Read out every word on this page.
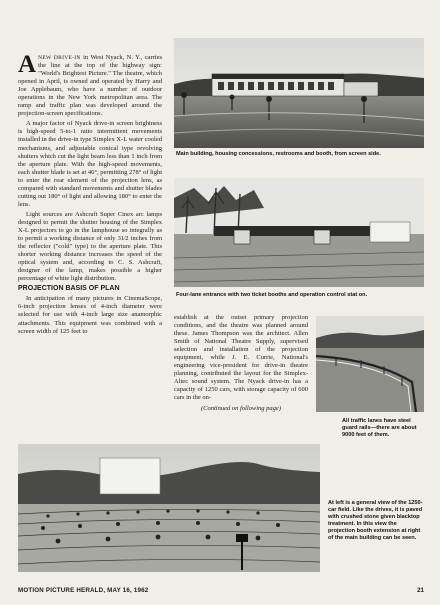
ANEW DRIVE-IN in West Nyack, N. Y., carries the line at the top of the highway sign: "World's Brightest Picture." The theatre, which opened in April, is owned and operated by Harry and Joe Applebaum, who have a number of outdoor operations in the New York metropolitan area. The ramp and traffic plan was developed around the projection-screen specifications.

A major factor of Nyack drive-in screen brightness is high-speed 5-to-1 ratio intermittent movements installed in the drive-in type Simplex X-L water cooled mechanisms, and adjustable conical type revolving shutters which cut the light beam less than 1 inch from the aperture plate. With the high-speed movements, each shutter blade is set at 46°, permitting 278° of light to enter the rear element of the projection lens, as compared with standard movements and shutter blades cutting out 180° of light and allowing 180° to enter the lens.

Light sources are Ashcraft Super Cinex arc lamps designed to permit the shutter housing of the Simplex X-L projectors to go in the lamphouse so integrally as to permit a working distance of only 31⁄2 inches from the reflector ("cold" type) to the aperture plate. This shorter working distance increases the speed of the optical system and, according to C. S. Ashcraft, designer of the lamp, makes possible a higher percentage of white light distribution.

PROJECTION BASIS OF PLAN

In anticipation of many pictures in CinemaScope, 6-inch projection lenses of 4-inch diameter were selected for use with 4-inch large size anamorphic attachments. This equipment was combined with a screen width of 125 feet to

establish at the outset primary projection conditions, and the theatre was planned around these. James Thompson was the architect. Allen Smith of National Theatre Supply, supervised selection and installation of the projection equipment, while J. E. Currie, National's engineering vice-president for drive-in theatre planning, contributed the layout for the Simplex-Altec sound system. The Nyack drive-in has a capacity of 1250 cars, with storage capacity of 600 cars in the on-

(Continued on following page)

Main building, housing concessions, restrooms and booth, from screen side.
Four-lane entrance with two ticket booths and operation control stat on.
All traffic lanes have steel guard rails—there are about 9000 feet of them.
At left is a general view of the 1250-car field. Like the drives, it is paved with crushed stone given blacktop treatment. In this view the projection booth extension at right of the main building can be seen.
MOTION PICTURE HERALD, MAY 16, 1962	21
